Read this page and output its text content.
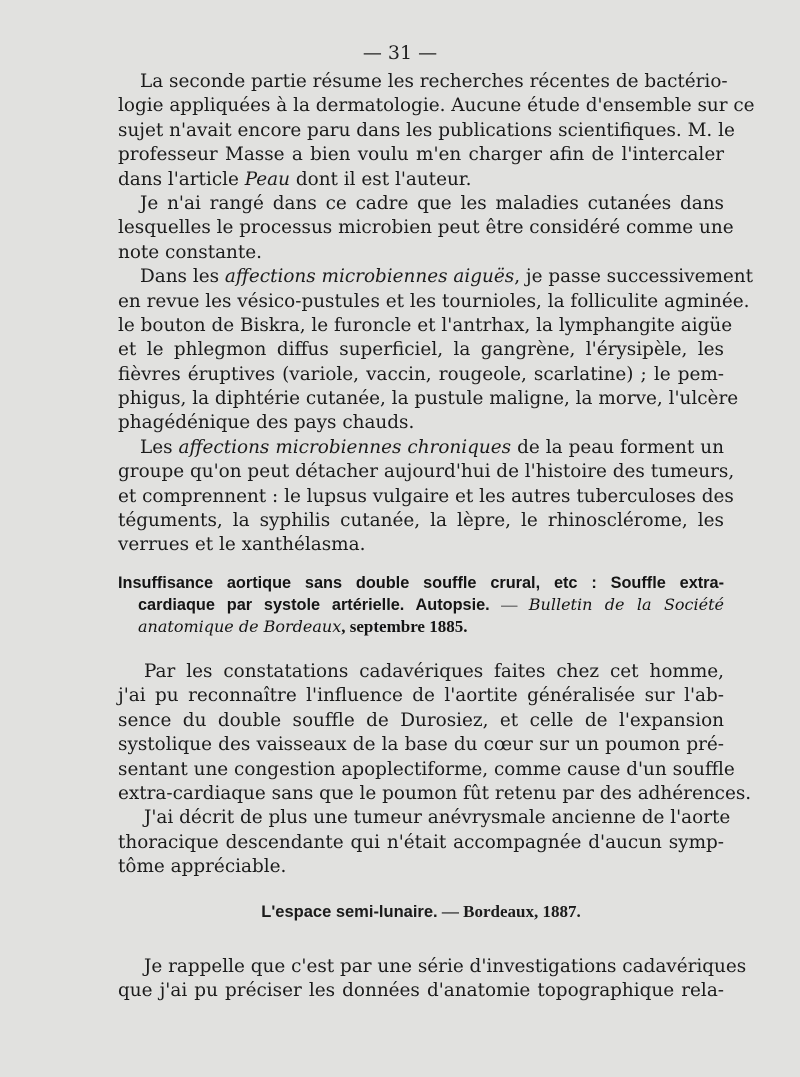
— 31 —
La seconde partie résume les recherches récentes de bactério-
logie appliquées à la dermatologie. Aucune étude d'ensemble sur ce
sujet n'avait encore paru dans les publications scientifiques. M. le
professeur Masse a bien voulu m'en charger afin de l'intercaler
dans l'article Peau dont il est l'auteur.
Je n'ai rangé dans ce cadre que les maladies cutanées dans
lesquelles le processus microbien peut être considéré comme une
note constante.
Dans les affections microbiennes aiguës, je passe successivement
en revue les vésico-pustules et les tournioles, la folliculite agminée.
le bouton de Biskra, le furoncle et l'antrhax, la lymphangite aigüe
et le phlegmon diffus superficiel, la gangrène, l'érysipèle, les
fièvres éruptives (variole, vaccin, rougeole, scarlatine) ; le pem-
phigus, la diphtérie cutanée, la pustule maligne, la morve, l'ulcère
phagédénique des pays chauds.
Les affections microbiennes chroniques de la peau forment un
groupe qu'on peut détacher aujourd'hui de l'histoire des tumeurs,
et comprennent : le lupsus vulgaire et les autres tuberculoses des
téguments, la syphilis cutanée, la lèpre, le rhinosclérome, les
verrues et le xanthélasma.
Insuffisance aortique sans double souffle crural, etc : Souffle extra-
cardiaque par systole artérielle. Autopsie. — Bulletin de la Société
anatomique de Bordeaux, septembre 1885.
Par les constatations cadavériques faites chez cet homme,
j'ai pu reconnaître l'influence de l'aortite généralisée sur l'ab-
sence du double souffle de Durosiez, et celle de l'expansion
systolique des vaisseaux de la base du cœur sur un poumon pré-
sentant une congestion apoplectiforme, comme cause d'un souffle
extra-cardiaque sans que le poumon fût retenu par des adhérences.
J'ai décrit de plus une tumeur anévrysmale ancienne de l'aorte
thoracique descendante qui n'était accompagnée d'aucun symp-
tôme appréciable.
L'espace semi-lunaire. — Bordeaux, 1887.
Je rappelle que c'est par une série d'investigations cadavériques
que j'ai pu préciser les données d'anatomie topographique rela-
